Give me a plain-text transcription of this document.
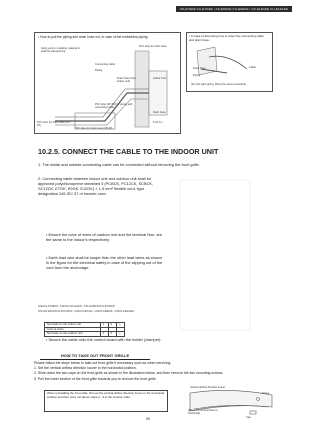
CS-E7GKE CU-E7GKE / CS-E9GKE CU-E9GKE / CS-E12GKE CU-E12GKE
• How to pull the piping and drain hose out, in case of the embedded piping.
Apply putty or caulking material to seal the wall opening.
PVC tube for drain hose
Connecting cable
Piping
Drain hose (from indoor unit)
Indoor Unit
PVC tube (VP-65) for piping and connecting cable
PVC tube for drain hose (VP-30)
PVC tube for drain hose (VP-30)
5-10 cm
Drain hose
• In case of left piping how to insert the connecting cable and drain hose.
Cable
Drain hose
Piping
(For the right piping, follow the same procedure)
10.2.5. CONNECT THE CABLE TO THE INDOOR UNIT
1. The inside and outside connecting cable can be connected without removing the front grille.
2. Connecting cable between indoor unit and outdoor unit shall be approved polychloroprene sheathed 3 (PCBCK, PC12CK, SCBCK, SC12CK, E7GK, E9GK, E12GK) × 1.5 mm² flexible cord, type designation 245 IEC 57 or heavier cord.
• Ensure the color of wires of outdoor unit and the terminal Nos. are the same to the indoor's respectively.
• Earth lead wire shall be longer than the other lead wires as shown in the figure for the electrical safety in case of the slipping out of the cord from the anchorage.
CS/CU-PC8CK, CS/CU-PC12CK, CS-SC8CK/CU-PC8CK
CS-SC12CK/CU-PC12CK, CS/CU-E7GK, CS/CU-E9GK, CS/CU-E12GK
Terminals on the indoor unit	1	2	⏚
Color of wires			
Terminals on the outdoor unit	1	2	⏚
• Secure the cable onto the control board with the holder (clamper).
HOW TO TAKE OUT FRONT GRILLE
Please follow the steps below to take out front grille if necessary such as when servicing.
1. Set the vertical airflow direction louver to the horizontal position.
2. Slide down the two caps on the front grille as shown in the illustration below, and then remove the two mounting screws.
3. Pull the lower section of the front grille towards you to remove the front grille.
When reinstalling the front grille, first set the vertical airflow direction louver to the horizontal position and then carry out above steps 2 - 3 in the reverse order.
Vertical airflow direction louver
Screw
(Move the vertical vane to horizontal)
Cap
39
